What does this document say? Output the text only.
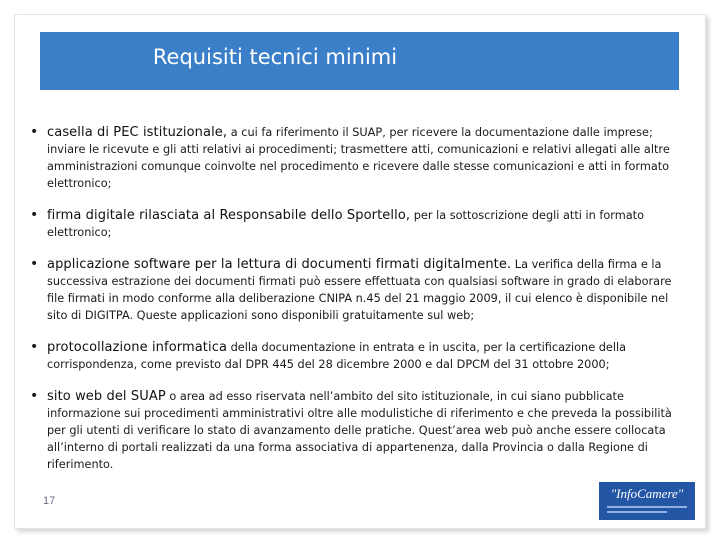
Requisiti tecnici minimi
• casella di PEC istituzionale, a cui fa riferimento il SUAP, per ricevere la documentazione dalle imprese; inviare le ricevute e gli atti relativi ai procedimenti; trasmettere atti, comunicazioni e relativi allegati alle altre amministrazioni comunque coinvolte nel procedimento e ricevere dalle stesse comunicazioni e atti in formato elettronico;
• firma digitale rilasciata al Responsabile dello Sportello, per la sottoscrizione degli atti in formato elettronico;
• applicazione software per la lettura di documenti firmati digitalmente. La verifica della firma e la successiva estrazione dei documenti firmati può essere effettuata con qualsiasi software in grado di elaborare file firmati in modo conforme alla deliberazione CNIPA n.45 del 21 maggio 2009, il cui elenco è disponibile nel sito di DIGITPA. Queste applicazioni sono disponibili gratuitamente sul web;
• protocollazione informatica della documentazione in entrata e in uscita, per la certificazione della corrispondenza, come previsto dal DPR 445 del 28 dicembre 2000 e dal DPCM del 31 ottobre 2000;
• sito web del SUAP o area ad esso riservata nell’ambito del sito istituzionale, in cui siano pubblicate informazione sui procedimenti amministrativi oltre alle modulistiche di riferimento e che preveda la possibilità per gli utenti di verificare lo stato di avanzamento delle pratiche. Quest’area web può anche essere collocata all’interno di portali realizzati da una forma associativa di appartenenza, dalla Provincia o dalla Regione di riferimento.
17	"InfoCamere"
